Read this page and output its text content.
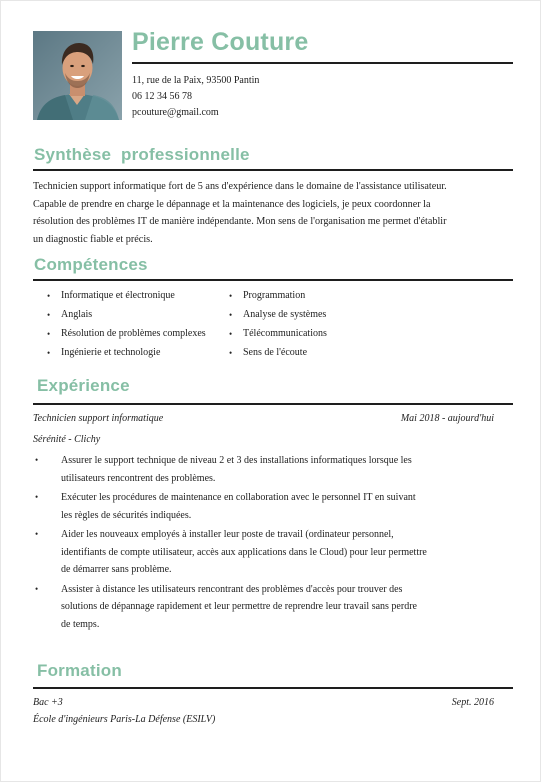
Pierre Couture
11, rue de la Paix, 93500 Pantin
06 12 34 56 78
pcouture@gmail.com
Synthèse  professionnelle
Technicien support informatique fort de 5 ans d'expérience dans le domaine de l'assistance utilisateur.
Capable de prendre en charge le dépannage et la maintenance des logiciels, je peux coordonner la
résolution des problèmes IT de manière indépendante. Mon sens de l'organisation me permet d'établir
un diagnostic fiable et précis.
Compétences
• Informatique et électronique
• Anglais
• Résolution de problèmes complexes
• Ingénierie et technologie
• Programmation
• Analyse de systèmes
• Télécommunications
• Sens de l'écoute
Expérience
Technicien support informatique	Mai 2018 - aujourd'hui
Sérénité - Clichy
• Assurer le support technique de niveau 2 et 3 des installations informatiques lorsque les
utilisateurs rencontrent des problèmes.
• Exécuter les procédures de maintenance en collaboration avec le personnel IT en suivant
les règles de sécurités indiquées.
• Aider les nouveaux employés à installer leur poste de travail (ordinateur personnel,
identifiants de compte utilisateur, accès aux applications dans le Cloud) pour leur permettre
de démarrer sans problème.
• Assister à distance les utilisateurs rencontrant des problèmes d'accès pour trouver des
solutions de dépannage rapidement et leur permettre de reprendre leur travail sans perdre
de temps.
Formation
Bac +3	Sept. 2016
École d'ingénieurs Paris-La Défense (ESILV)
